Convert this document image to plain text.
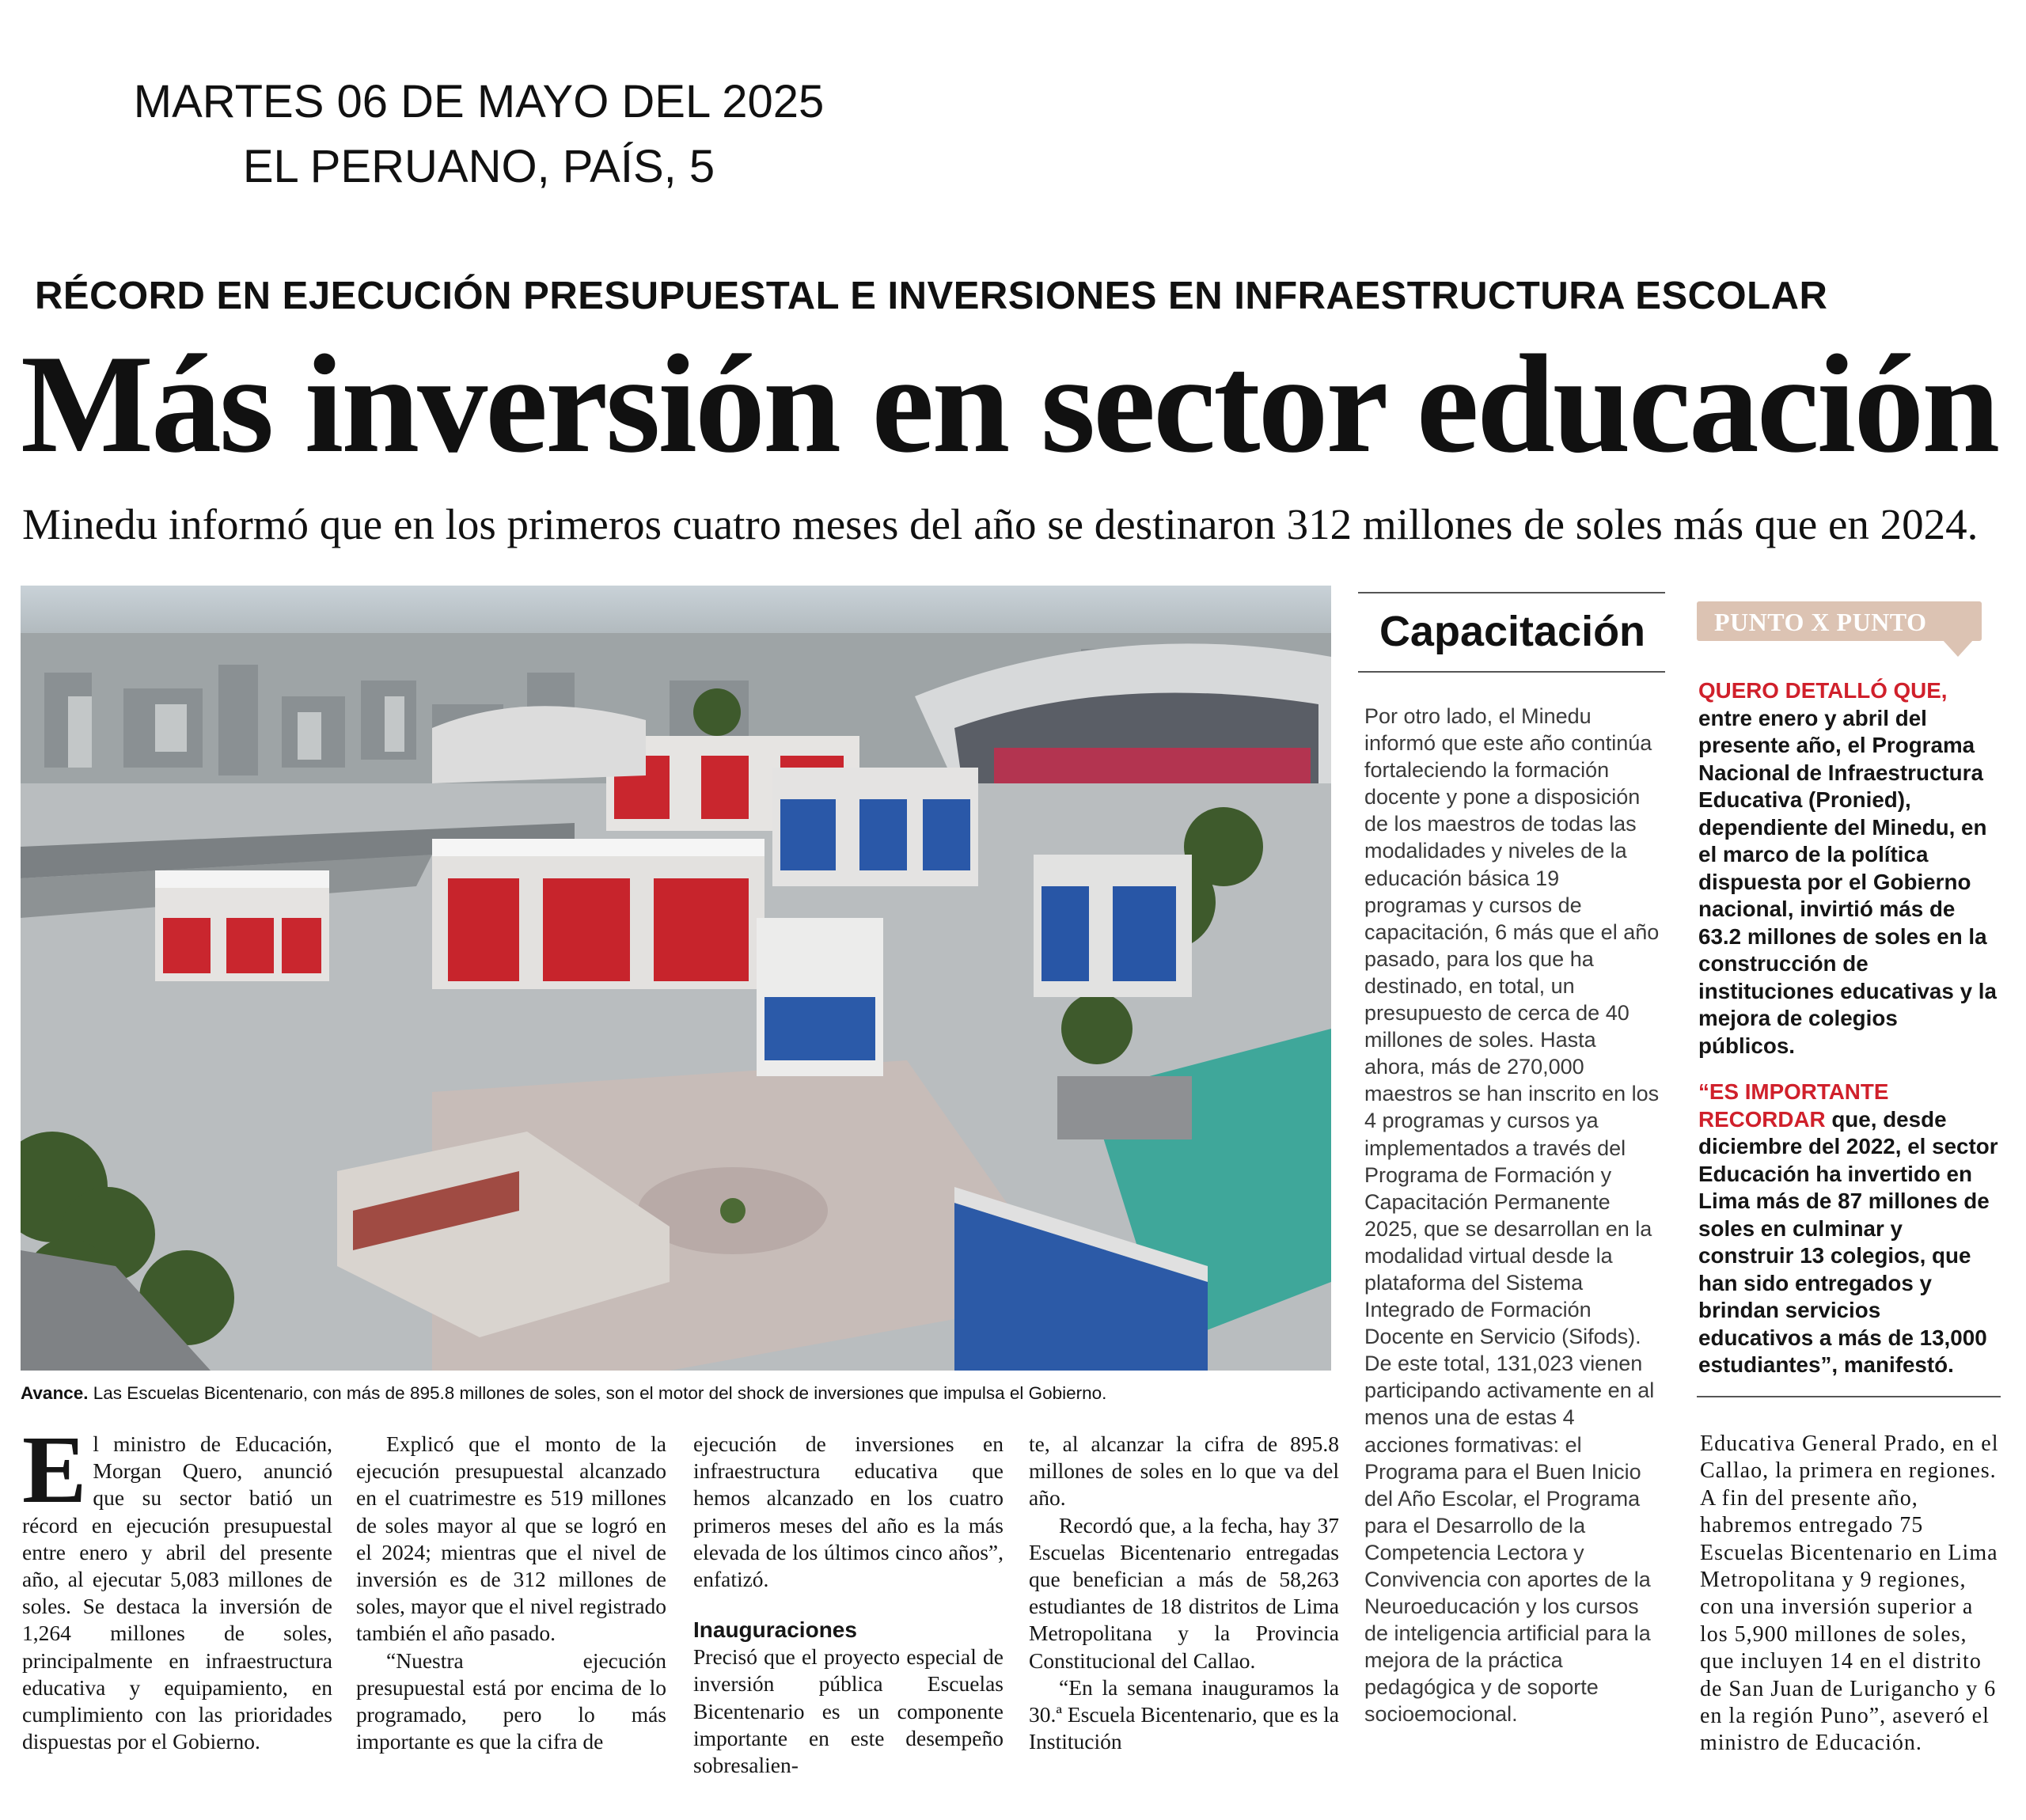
MARTES 06 DE MAYO DEL 2025
EL PERUANO, PAÍS, 5
RÉCORD EN EJECUCIÓN PRESUPUESTAL E INVERSIONES EN INFRAESTRUCTURA ESCOLAR
Más inversión en sector educación
Minedu informó que en los primeros cuatro meses del año se destinaron 312 millones de soles más que en 2024.
Avance. Las Escuelas Bicentenario, con más de 895.8 millones de soles, son el motor del shock de inversiones que impulsa el Gobierno.

El ministro de Educación, Morgan Quero, anunció que su sector batió un récord en ejecución presupuestal entre enero y abril del presente año, al ejecutar 5,083 millones de soles. Se destaca la inversión de 1,264 millones de soles, principalmente en infraestructura educativa y equipamiento, en cumplimiento con las prioridades dispuestas por el Gobierno.

Explicó que el monto de la ejecución presupuestal alcanzado en el cuatrimestre es 519 millones de soles mayor al que se logró en el 2024; mientras que el nivel de inversión es de 312 millones de soles, mayor que el nivel registrado también el año pasado.

“Nuestra ejecución presupuestal está por encima de lo programado, pero lo más importante es que la cifra de

ejecución de inversiones en infraestructura educativa que hemos alcanzado en los cuatro primeros meses del año es la más elevada de los últimos cinco años”, enfatizó.

Inauguraciones

Precisó que el proyecto especial de inversión pública Escuelas Bicentenario es un componente importante en este desempeño sobresalien-

te, al alcanzar la cifra de 895.8 millones de soles en lo que va del año.

Recordó que, a la fecha, hay 37 Escuelas Bicentenario entregadas que benefician a más de 58,263 estudiantes de 18 distritos de Lima Metropolitana y la Provincia Constitucional del Callao.

“En la semana inauguramos la 30.ª Escuela Bicentenario, que es la Institución

Capacitación
Por otro lado, el Minedu informó que este año continúa fortaleciendo la formación docente y pone a disposición de los maestros de todas las modalidades y niveles de la educación básica 19 programas y cursos de capacitación, 6 más que el año pasado, para los que ha destinado, en total, un presupuesto de cerca de 40 millones de soles. Hasta ahora, más de 270,000 maestros se han inscrito en los 4 programas y cursos ya implementados a través del Programa de Formación y Capacitación Permanente 2025, que se desarrollan en la modalidad virtual desde la plataforma del Sistema Integrado de Formación Docente en Servicio (Sifods). De este total, 131,023 vienen participando activamente en al menos una de estas 4 acciones formativas: el Programa para el Buen Inicio del Año Escolar, el Programa para el Desarrollo de la Competencia Lectora y Convivencia con aportes de la Neuroeducación y los cursos de inteligencia artificial para la mejora de la práctica pedagógica y de soporte socioemocional.
PUNTO X PUNTO

QUERO DETALLÓ QUE, entre enero y abril del presente año, el Programa Nacional de Infraestructura Educativa (Pronied), dependiente del Minedu, en el marco de la política dispuesta por el Gobierno nacional, invirtió más de 63.2 millones de soles en la construcción de instituciones educativas y la mejora de colegios públicos.

“ES IMPORTANTE RECORDAR que, desde diciembre del 2022, el sector Educación ha invertido en Lima más de 87 millones de soles en culminar y construir 13 colegios, que han sido entregados y brindan servicios educativos a más de 13,000 estudiantes”, manifestó.

Educativa General Prado, en el Callao, la primera en regiones. A fin del presente año, habremos entregado 75 Escuelas Bicentenario en Lima Metropolitana y 9 regiones, con una inversión superior a los 5,900 millones de soles, que incluyen 14 en el distrito de San Juan de Lurigancho y 6 en la región Puno”, aseveró el ministro de Educación.
